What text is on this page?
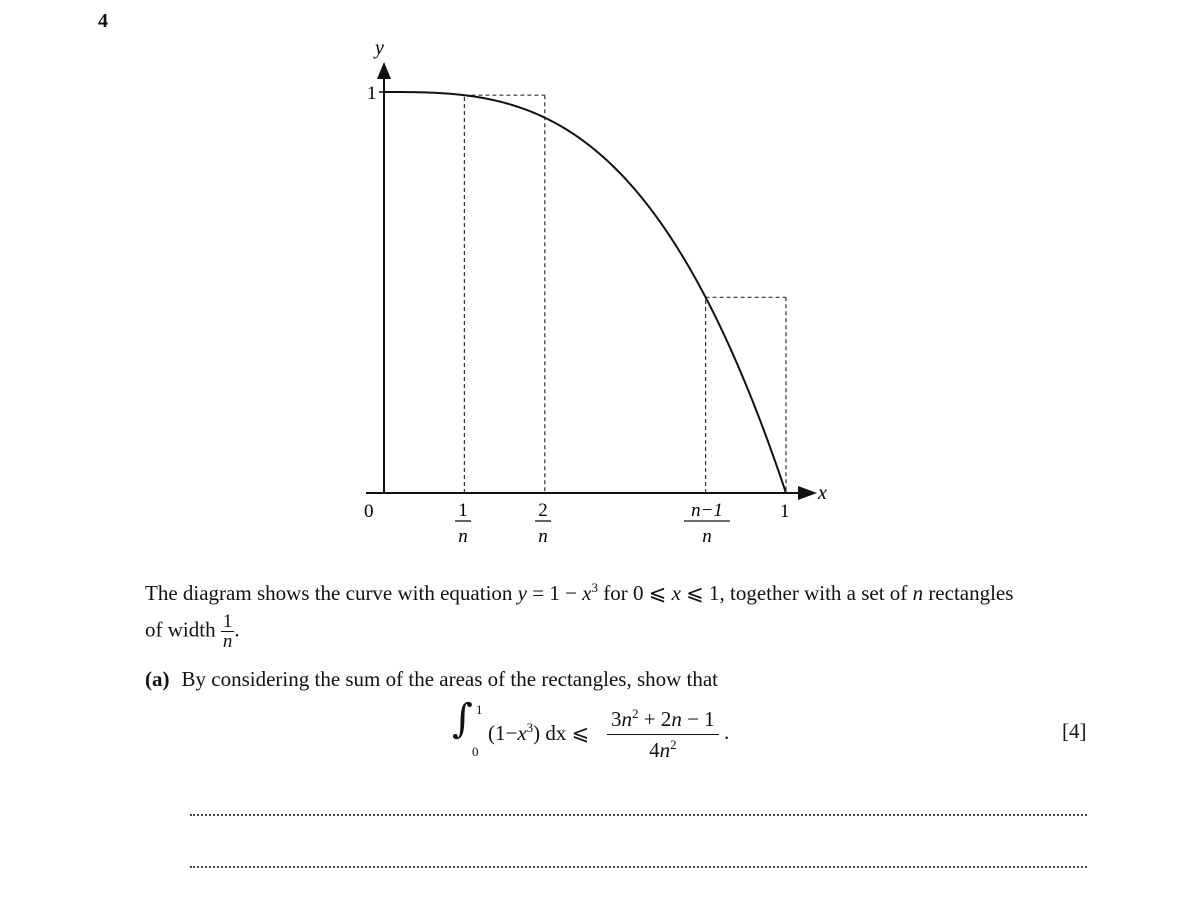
4
y
x
0
1
1
1
n
2
n
n−1
n
The diagram shows the curve with equation $y = 1 - x^3$ for 0 ⩽ x ⩽ 1, together with a set of n rectangles
of width $\frac{1}{n}$ .
(a) By considering the sum of the areas of the rectangles, show that
∫ 1
0
$(1-x^3)$ dx ⩽ $\frac{3n^2 + 2n - 1}{4n^2}$ .	[4]
